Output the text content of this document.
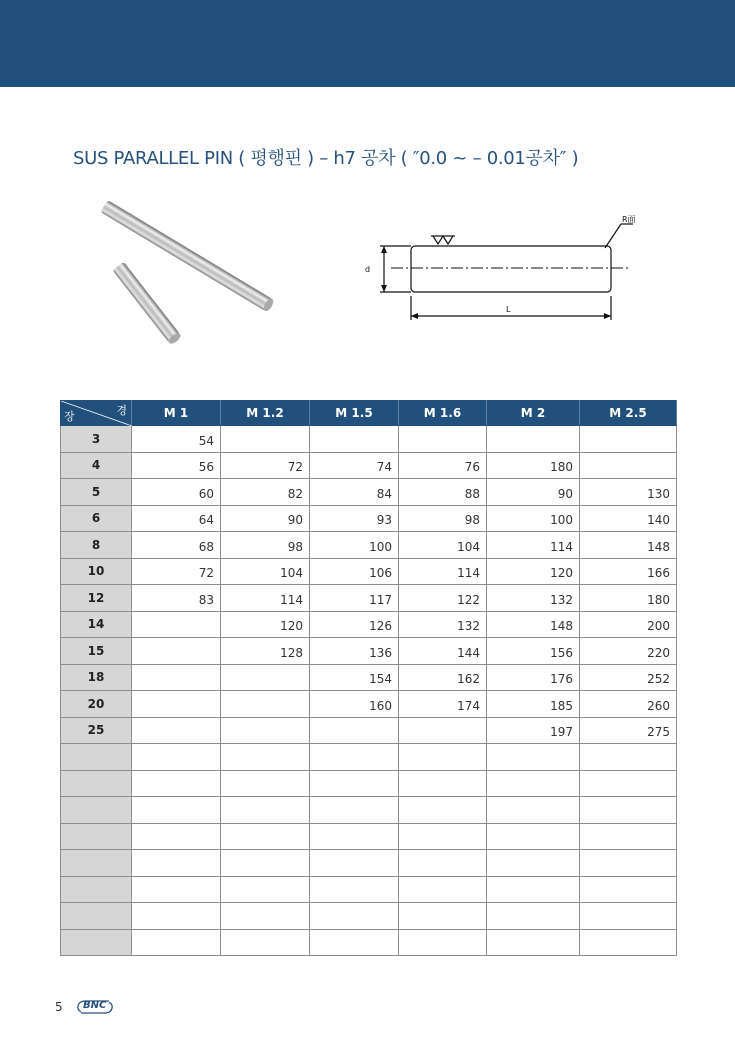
SUS PARALLEL PIN ( 평행핀 ) – h7 공차 ( ″0.0 ~ – 0.01공차″ )
R面
d
L
경
장	M 1	M 1.2	M 1.5	M 1.6	M 2	M 2.5
3	54					
4	56	72	74	76	180	
5	60	82	84	88	90	130
6	64	90	93	98	100	140
8	68	98	100	104	114	148
10	72	104	106	114	120	166
12	83	114	117	122	132	180
14		120	126	132	148	200
15		128	136	144	156	220
18			154	162	176	252
20			160	174	185	260
25					197	275

5 BNC
